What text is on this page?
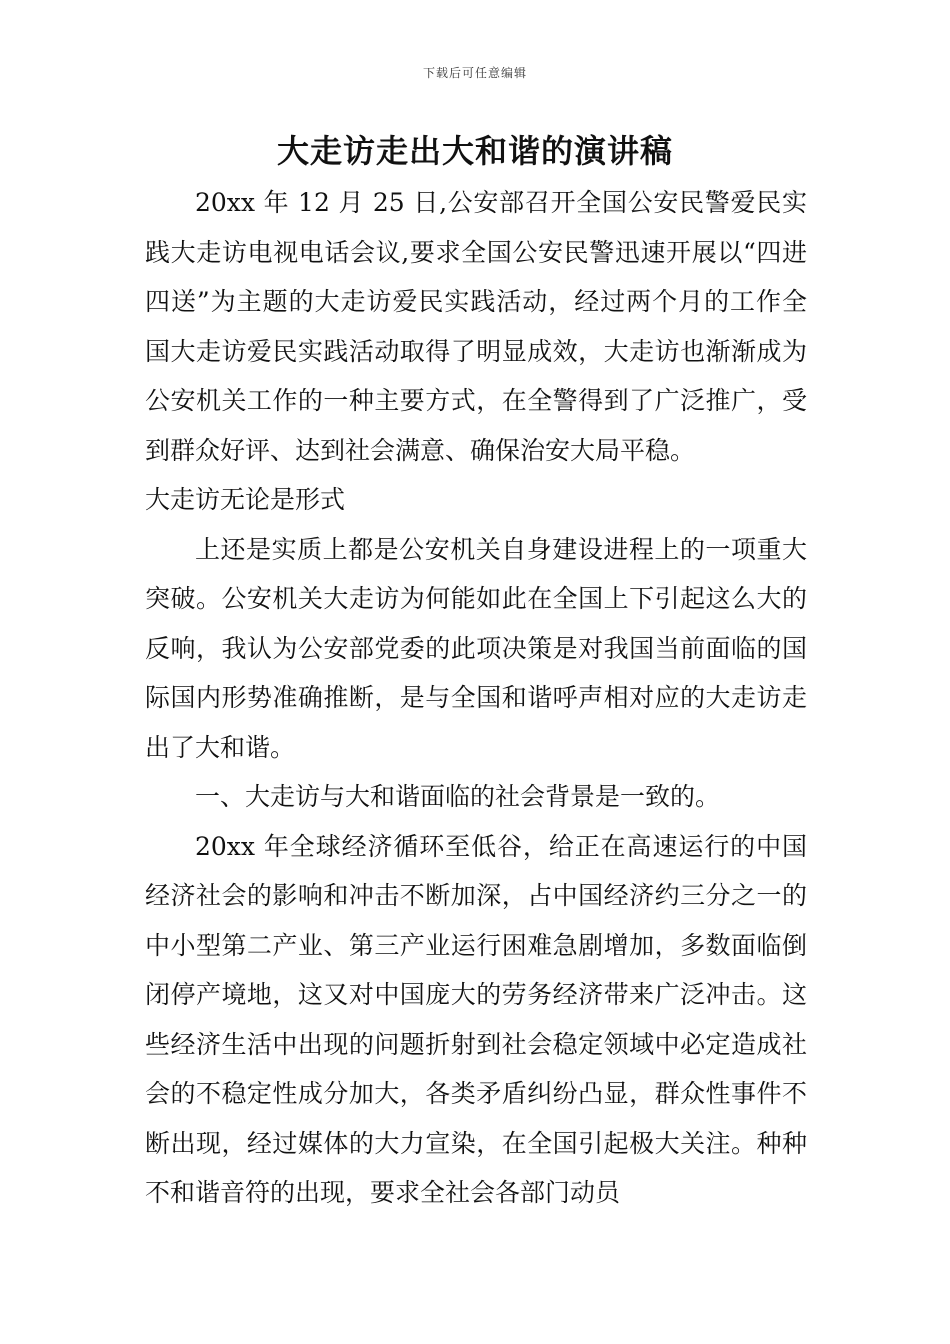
下载后可任意编辑
大走访走出大和谐的演讲稿

20xx 年 12 月 25 日,公安部召开全国公安民警爱民实践大走访电视电话会议,要求全国公安民警迅速开展以“四进四送”为主题的大走访爱民实践活动，经过两个月的工作全国大走访爱民实践活动取得了明显成效，大走访也渐渐成为公安机关工作的一种主要方式，在全警得到了广泛推广，受到群众好评、达到社会满意、确保治安大局平稳。

大走访无论是形式

上还是实质上都是公安机关自身建设进程上的一项重大突破。公安机关大走访为何能如此在全国上下引起这么大的反响，我认为公安部党委的此项决策是对我国当前面临的国际国内形势准确推断，是与全国和谐呼声相对应的大走访走出了大和谐。

一、大走访与大和谐面临的社会背景是一致的。

20xx 年全球经济循环至低谷，给正在高速运行的中国经济社会的影响和冲击不断加深，占中国经济约三分之一的中小型第二产业、第三产业运行困难急剧增加，多数面临倒闭停产境地，这又对中国庞大的劳务经济带来广泛冲击。这些经济生活中出现的问题折射到社会稳定领域中必定造成社会的不稳定性成分加大，各类矛盾纠纷凸显，群众性事件不断出现，经过媒体的大力宣染，在全国引起极大关注。种种不和谐音符的出现，要求全社会各部门动员
